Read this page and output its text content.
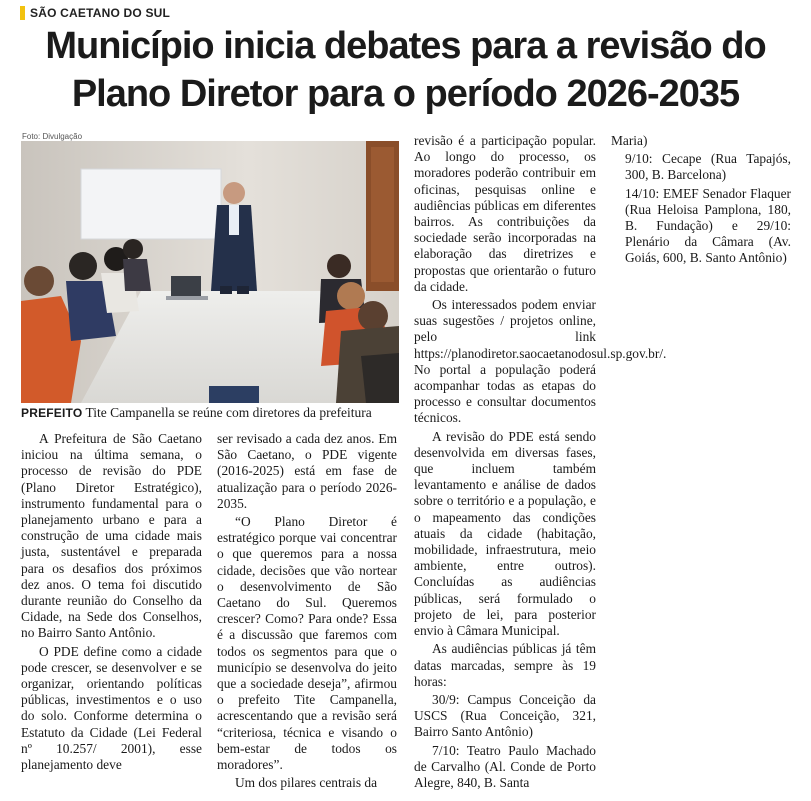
SÃO CAETANO DO SUL
Município inicia debates para a revisão do Plano Diretor para o período 2026-2035
Foto: Divulgação
PREFEITO Tite Campanella se reúne com diretores da prefeitura

A Prefeitura de São Caetano iniciou na última semana, o processo de revisão do PDE (Plano Diretor Estratégico), instrumento fundamental para o planejamento urbano e para a construção de uma cidade mais justa, sustentável e preparada para os desafios dos próximos dez anos. O tema foi discutido durante reunião do Conselho da Cidade, na Sede dos Conselhos, no Bairro Santo Antônio.

O PDE define como a cidade pode crescer, se desenvolver e se organizar, orientando políticas públicas, investimentos e o uso do solo. Conforme determina o Estatuto da Cidade (Lei Federal nº 10.257/ 2001), esse planejamento deve

ser revisado a cada dez anos. Em São Caetano, o PDE vigente (2016-2025) está em fase de atualização para o período 2026-2035.

“O Plano Diretor é estratégico porque vai concentrar o que queremos para a nossa cidade, decisões que vão nortear o desenvolvimento de São Caetano do Sul. Queremos crescer? Como? Para onde? Essa é a discussão que faremos com todos os segmentos para que o município se desenvolva do jeito que a sociedade deseja”, afirmou o prefeito Tite Campanella, acrescentando que a revisão será “criteriosa, técnica e visando o bem-estar de todos os moradores”.

Um dos pilares centrais da

revisão é a participação popular. Ao longo do processo, os moradores poderão contribuir em oficinas, pesquisas online e audiências públicas em diferentes bairros. As contribuições da sociedade serão incorporadas na elaboração das diretrizes e propostas que orientarão o futuro da cidade.

Os interessados podem enviar suas sugestões / projetos online, pelo link https://planodiretor.saocaetanodosul.sp.gov.br/. No portal a população poderá acompanhar todas as etapas do processo e consultar documentos técnicos.

A revisão do PDE está sendo desenvolvida em diversas fases, que incluem também levantamento e análise de dados sobre o território e a população, e o mapeamento das condições atuais da cidade (habitação, mobilidade, infraestrutura, meio ambiente, entre outros). Concluídas as audiências públicas, será formulado o projeto de lei, para posterior envio à Câmara Municipal.

As audiências públicas já têm datas marcadas, sempre às 19 horas:

30/9: Campus Conceição da USCS (Rua Conceição, 321, Bairro Santo Antônio)

7/10: Teatro Paulo Machado de Carvalho (Al. Conde de Porto Alegre, 840, B. Santa

Maria)

9/10: Cecape (Rua Tapajós, 300, B. Barcelona)

14/10: EMEF Senador Flaquer (Rua Heloisa Pamplona, 180, B. Fundação) e 29/10: Plenário da Câmara (Av. Goiás, 600, B. Santo Antônio)
